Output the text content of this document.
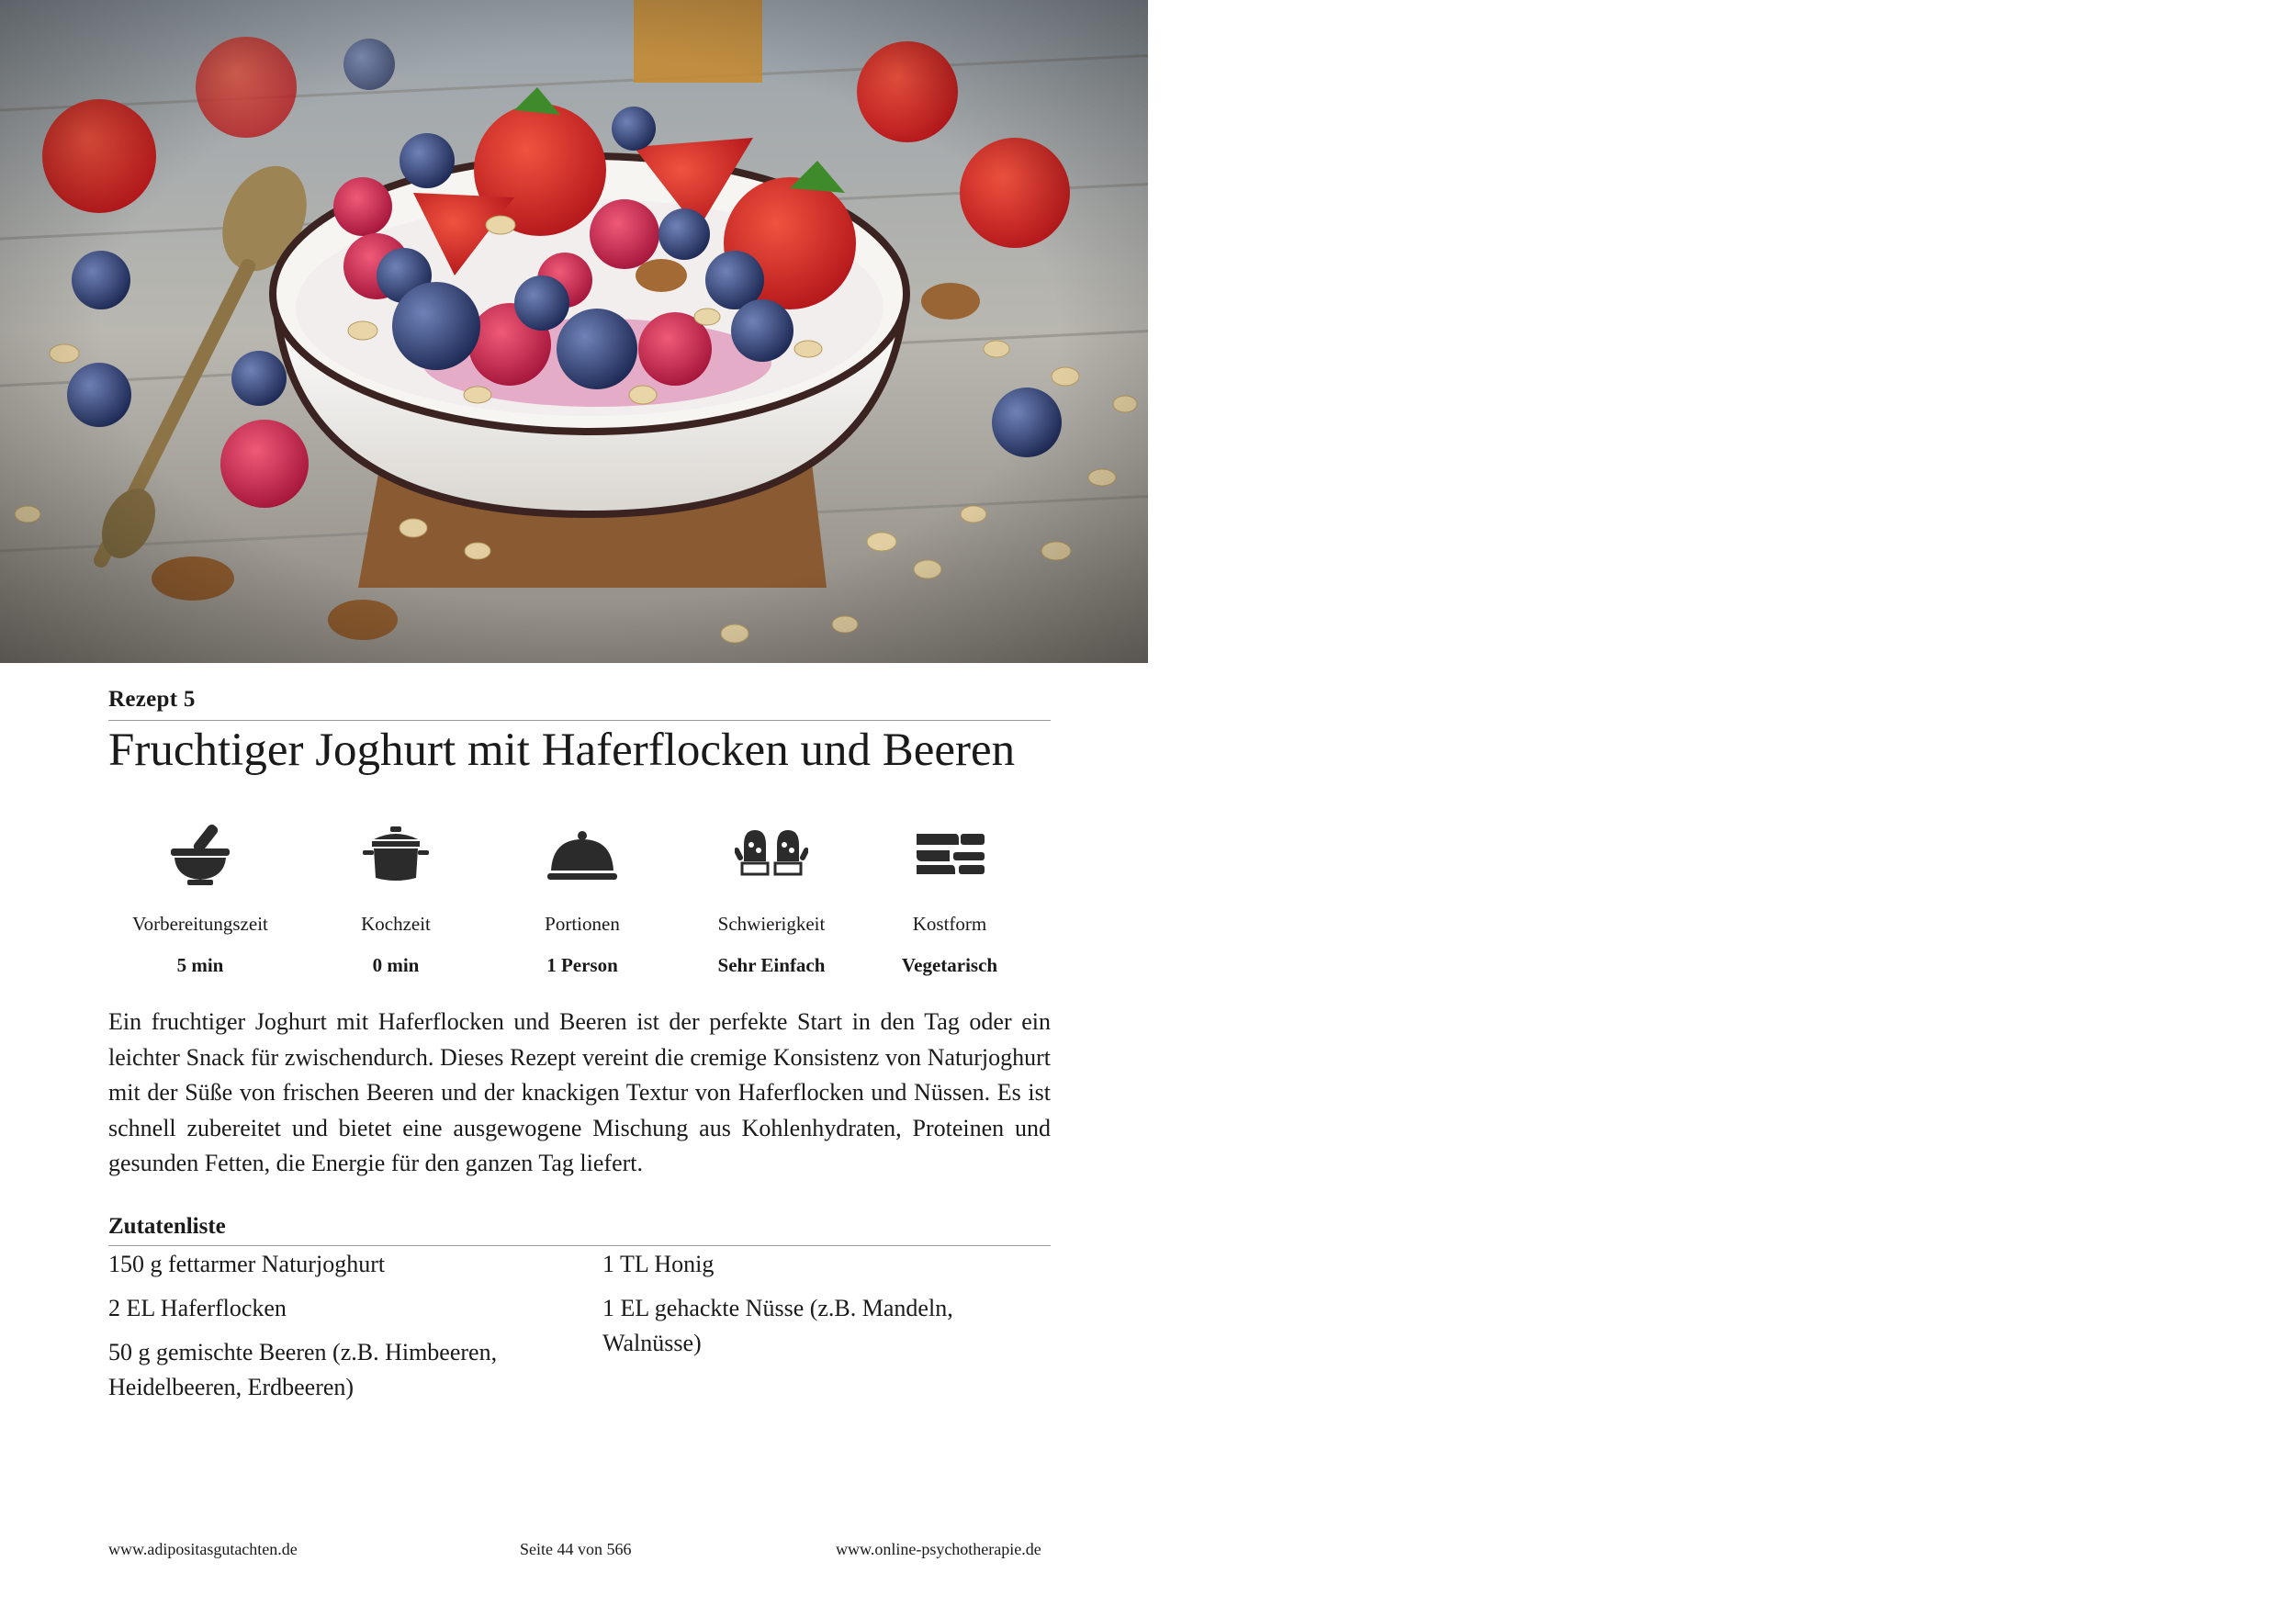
Rezept 5
Fruchtiger Joghurt mit Haferflocken und Beeren
Vorbereitungszeit
5 min
Kochzeit
0 min
Portionen
1 Person
Schwierigkeit
Sehr Einfach
Kostform
Vegetarisch

Ein fruchtiger Joghurt mit Haferflocken und Beeren ist der perfekte Start in den Tag oder ein leichter Snack für zwischendurch. Dieses Rezept vereint die cremige Konsistenz von Naturjoghurt mit der Süße von frischen Beeren und der knackigen Textur von Haferflocken und Nüssen. Es ist schnell zubereitet und bietet eine ausgewogene Mischung aus Kohlenhydraten, Proteinen und gesunden Fetten, die Energie für den ganzen Tag liefert.

Zutatenliste
150 g fettarmer Naturjoghurt
2 EL Haferflocken
50 g gemischte Beeren (z.B. Himbeeren, Heidelbeeren, Erdbeeren)
1 TL Honig
1 EL gehackte Nüsse (z.B. Mandeln, Walnüsse)
www.adipositasgutachten.de	Seite 44 von 566	www.online-psychotherapie.de
